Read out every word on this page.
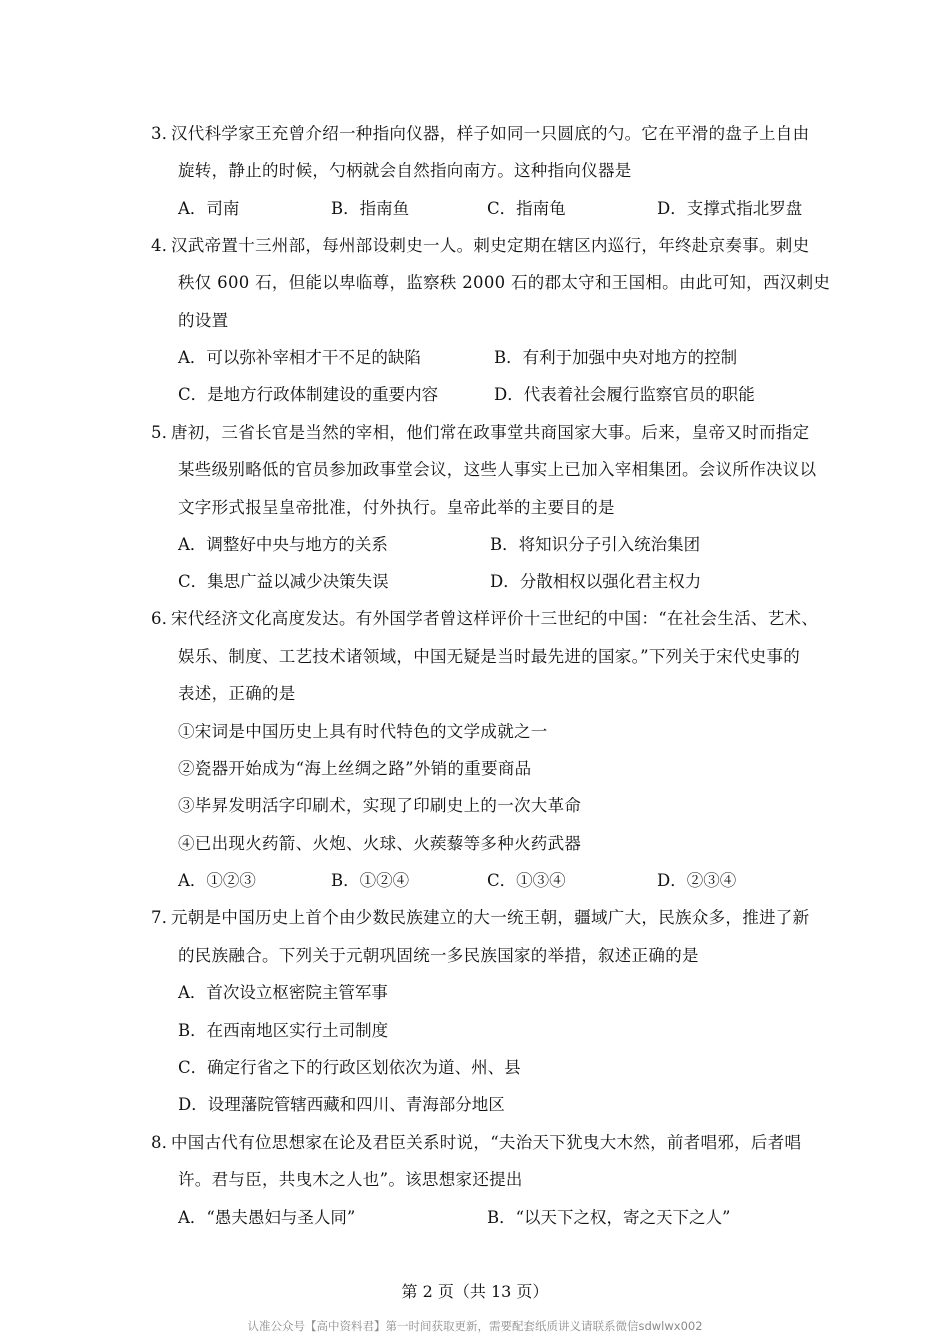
3．汉代科学家王充曾介绍一种指向仪器，样子如同一只圆底的勺。它在平滑的盘子上自由
旋转，静止的时候，勺柄就会自然指向南方。这种指向仪器是
A．司南	B．指南鱼	C．指南龟	D．支撑式指北罗盘
4．汉武帝置十三州部，每州部设刺史一人。刺史定期在辖区内巡行，年终赴京奏事。刺史
秩仅 600 石，但能以卑临尊，监察秩 2000 石的郡太守和王国相。由此可知，西汉刺史
的设置
A．可以弥补宰相才干不足的缺陷	B．有利于加强中央对地方的控制
C．是地方行政体制建设的重要内容	D．代表着社会履行监察官员的职能
5．唐初，三省长官是当然的宰相，他们常在政事堂共商国家大事。后来，皇帝又时而指定
某些级别略低的官员参加政事堂会议，这些人事实上已加入宰相集团。会议所作决议以
文字形式报呈皇帝批准，付外执行。皇帝此举的主要目的是
A．调整好中央与地方的关系	B．将知识分子引入统治集团
C．集思广益以减少决策失误	D．分散相权以强化君主权力
6．宋代经济文化高度发达。有外国学者曾这样评价十三世纪的中国：“在社会生活、艺术、
娱乐、制度、工艺技术诸领域，中国无疑是当时最先进的国家。”下列关于宋代史事的
表述，正确的是
①宋词是中国历史上具有时代特色的文学成就之一
②瓷器开始成为“海上丝绸之路”外销的重要商品
③毕昇发明活字印刷术，实现了印刷史上的一次大革命
④已出现火药箭、火炮、火球、火蒺藜等多种火药武器
A．①②③	B．①②④	C．①③④	D．②③④
7．元朝是中国历史上首个由少数民族建立的大一统王朝，疆域广大，民族众多，推进了新
的民族融合。下列关于元朝巩固统一多民族国家的举措，叙述正确的是
A．首次设立枢密院主管军事
B．在西南地区实行土司制度
C．确定行省之下的行政区划依次为道、州、县
D．设理藩院管辖西藏和四川、青海部分地区
8．中国古代有位思想家在论及君臣关系时说，“夫治天下犹曳大木然，前者唱邪，后者唱
许。君与臣，共曳木之人也”。该思想家还提出
A．“愚夫愚妇与圣人同”	B．“以天下之权，寄之天下之人”
第 2 页（共 13 页）
认准公众号【高中资料君】第一时间获取更新，需要配套纸质讲义请联系微信sdwlwx002
